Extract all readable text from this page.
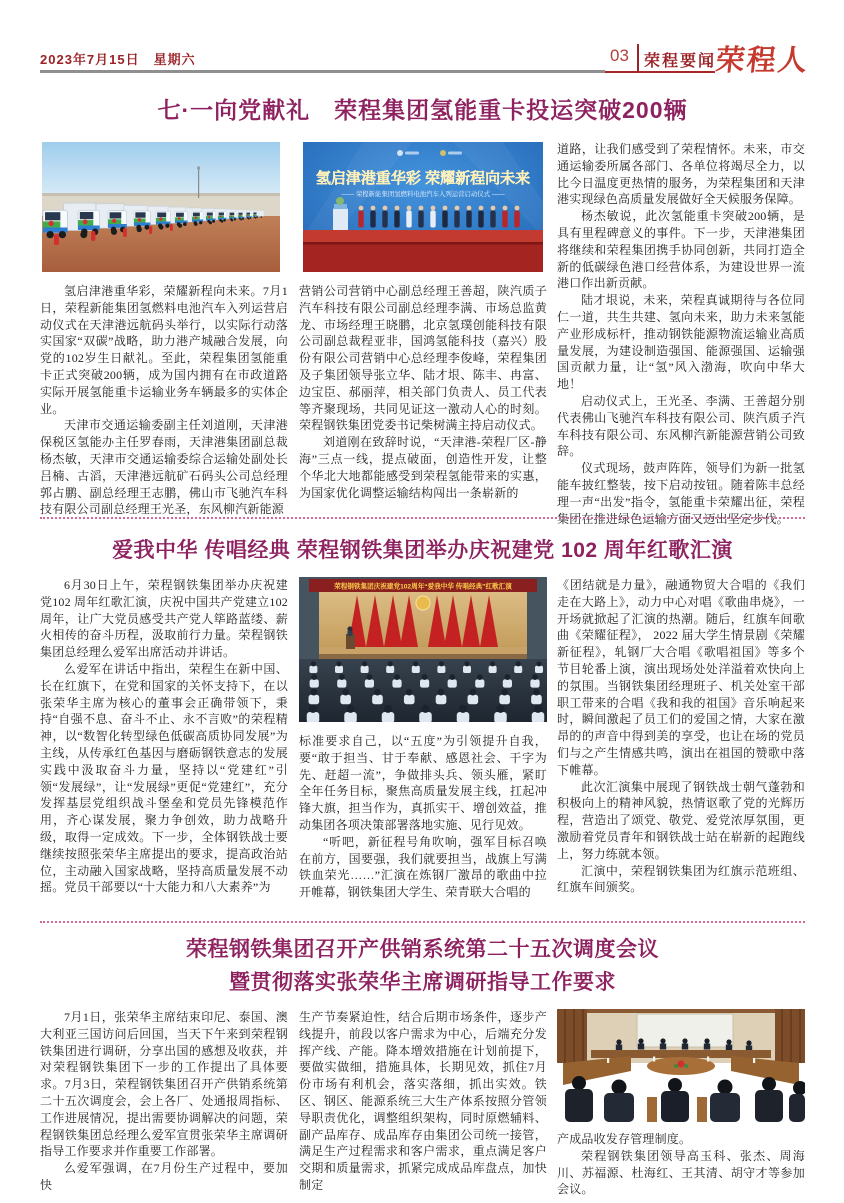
2023年7月15日　星期六	03 荣程要闻
荣程人
七·一向党献礼　荣程集团氢能重卡投运突破200辆
氢启津港重华彩 荣耀新程向未来
—— 荣程新能集团氢燃料电池汽车入列运营启动仪式 ——

氢启津港重华彩，荣耀新程向未来。7月1日，荣程新能集团氢燃料电池汽车入列运营启动仪式在天津港远航码头举行，以实际行动落实国家“双碳”战略，助力港产城融合发展，向党的102岁生日献礼。至此，荣程集团氢能重卡正式突破200辆，成为国内拥有在市政道路实际开展氢能重卡运输业务车辆最多的实体企业。

天津市交通运输委副主任刘道刚，天津港保税区氢能办主任罗春雨，天津港集团副总裁杨杰敏，天津市交通运输委综合运输处副处长吕楠、古滔，天津港远航矿石码头公司总经理郭占鹏、副总经理王志鹏，佛山市飞驰汽车科技有限公司副总经理王光圣，东风柳汽新能源

营销公司营销中心副总经理王善超，陕汽质子汽车科技有限公司副总经理李满、市场总监黄龙、市场经理王晓鹏，北京氢璞创能科技有限公司副总裁程亚非，国鸿氢能科技（嘉兴）股份有限公司营销中心总经理李俊峰，荣程集团及子集团领导张立华、陆才垠、陈丰、冉富、边宝臣、郝丽萍，相关部门负责人、员工代表等齐聚现场，共同见证这一激动人心的时刻。荣程钢铁集团党委书记柴树满主持启动仪式。

刘道刚在致辞时说，“天津港-荣程厂区-静海”三点一线，提点破面，创造性开发，让整个华北大地都能感受到荣程氢能带来的实惠，为国家优化调整运输结构闯出一条崭新的

道路，让我们感受到了荣程情怀。未来，市交通运输委所属各部门、各单位将竭尽全力，以比今日温度更热情的服务，为荣程集团和天津港实现绿色高质量发展做好全天候服务保障。

杨杰敏说，此次氢能重卡突破200辆，是具有里程碑意义的事件。下一步，天津港集团将继续和荣程集团携手协同创新，共同打造全新的低碳绿色港口经营体系，为建设世界一流港口作出新贡献。

陆才垠说，未来，荣程真诚期待与各位同仁一道，共生共建、氢向未来，助力未来氢能产业形成标杆，推动钢铁能源物流运输业高质量发展，为建设制造强国、能源强国、运输强国贡献力量，让“氢”风入渤海，吹向中华大地！

启动仪式上，王光圣、李满、王善超分别代表佛山飞驰汽车科技有限公司、陕汽质子汽车科技有限公司、东风柳汽新能源营销公司致辞。

仪式现场，鼓声阵阵，领导们为新一批氢能车披红整装，按下启动按钮。随着陈丰总经理一声“出发”指令，氢能重卡荣耀出征，荣程集团在推进绿色运输方面又迈出坚定步伐。

爱我中华 传唱经典 荣程钢铁集团举办庆祝建党 102 周年红歌汇演
荣程钢铁集团庆祝建党102周年“爱我中华 传唱经典”红歌汇演

6月30日上午，荣程钢铁集团举办庆祝建党102 周年红歌汇演，庆祝中国共产党建立102周年，让广大党员感受共产党人筚路蓝缕、薪火相传的奋斗历程，汲取前行力量。荣程钢铁集团总经理么爱军出席活动并讲话。

么爱军在讲话中指出，荣程生在新中国、长在红旗下，在党和国家的关怀支持下，在以张荣华主席为核心的董事会正确带领下，秉持“自强不息、奋斗不止、永不言败”的荣程精神，以“数智化转型绿色低碳高质协同发展”为主线，从传承红色基因与磨砺钢铁意志的发展实践中汲取奋斗力量，坚持以“党建红”引领“发展绿”，让“发展绿”更促“党建红”，充分发挥基层党组织战斗堡垒和党员先锋模范作用，齐心谋发展，聚力争创效，助力战略升级，取得一定成效。下一步，全体钢铁战士要继续按照张荣华主席提出的要求，提高政治站位，主动融入国家战略，坚持高质量发展不动摇。党员干部要以“十大能力和八大素养”为

标准要求自己，以“五度”为引领提升自我，要“敢于担当、甘于奉献、感恩社会、干字为先、赶超一流”，争做排头兵、领头雁，紧盯全年任务目标，聚焦高质量发展主线，扛起冲锋大旗，担当作为，真抓实干、增创效益，推动集团各项决策部署落地实施、见行见效。

“听吧，新征程号角吹响，强军目标召唤在前方，国要强，我们就要担当，战旗上写满铁血荣光……”汇演在炼钢厂激昂的歌曲中拉开帷幕，钢铁集团大学生、荣青联大合唱的

《团结就是力量》，融通物贸大合唱的《我们走在大路上》，动力中心对唱《歌曲串烧》，一开场就掀起了汇演的热潮。随后，红旗车间歌曲《荣耀征程》， 2022 届大学生情景剧《荣耀新征程》，轧钢厂大合唱《歌唱祖国》等多个节目轮番上演，演出现场处处洋溢着欢快向上的氛围。当钢铁集团经理班子、机关处室干部职工带来的合唱《我和我的祖国》音乐响起来时，瞬间激起了员工们的爱国之情，大家在激昂的的声音中得到美的享受，也让在场的党员们与之产生情感共鸣，演出在祖国的赞歌中落下帷幕。

此次汇演集中展现了钢铁战士朝气蓬勃和积极向上的精神风貌，热情讴歌了党的光辉历程，营造出了颂党、敬党、爱党浓厚氛围，更激励着党员青年和钢铁战士站在崭新的起跑线上，努力练就本领。

汇演中，荣程钢铁集团为红旗示范班组、红旗车间颁奖。

荣程钢铁集团召开产供销系统第二十五次调度会议
暨贯彻落实张荣华主席调研指导工作要求

7月1日，张荣华主席结束印尼、泰国、澳大利亚三国访问后回国，当天下午来到荣程钢铁集团进行调研，分享出国的感想及收获，并对荣程钢铁集团下一步的工作提出了具体要求。7月3日，荣程钢铁集团召开产供销系统第二十五次调度会，会上各厂、处通报周指标、工作进展情况，提出需要协调解决的问题，荣程钢铁集团总经理么爱军宣贯张荣华主席调研指导工作要求并作重要工作部署。

么爱军强调，在7月份生产过程中，要加快

生产节奏紧迫性，结合后期市场条件，逐步产线提升，前段以客户需求为中心，后端充分发挥产线、产能。降本增效措施在计划前提下，要做实做细，措施具体，长期见效，抓住7月份市场有利机会，落实落细，抓出实效。铁区、钢区、能源系统三大生产体系按照分管领导职责优化，调整组织架构，同时原燃辅料、副产品库存、成品库存由集团公司统一接管，满足生产过程需求和客户需求，重点满足客户交期和质量需求，抓紧完成成品库盘点，加快制定

产成品收发存管理制度。

荣程钢铁集团领导高玉科、张杰、周海川、苏福源、杜海红、王其清、胡守才等参加会议。
